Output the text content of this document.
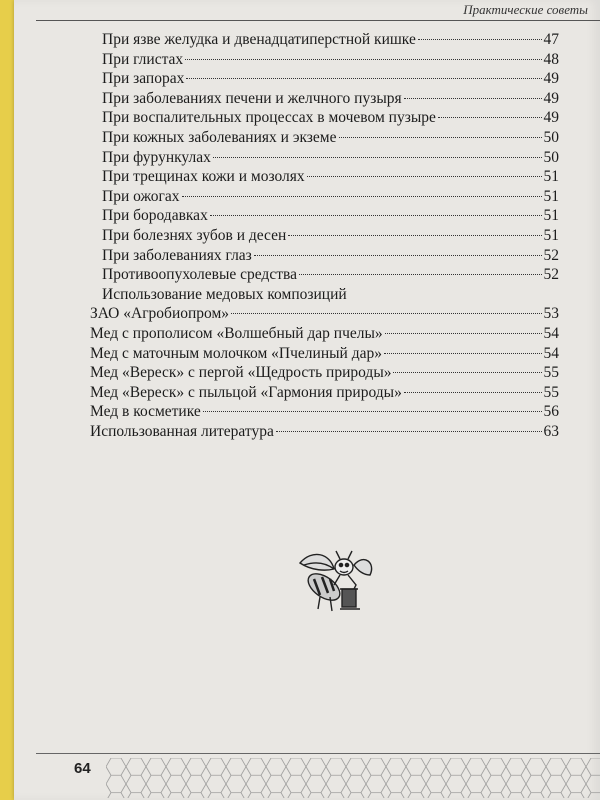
Практические советы
При язве желудка и двенадцатиперстной кишке	47
При глистах	48
При запорах	49
При заболеваниях печени и желчного пузыря	49
При воспалительных процессах в мочевом пузыре	49
При кожных заболеваниях и экземе	50
При фурункулах	50
При трещинах кожи и мозолях	51
При ожогах	51
При бородавках	51
При болезнях зубов и десен	51
При заболеваниях глаз	52
Противоопухолевые средства	52
Использование медовых композиций
ЗАО «Агробиопром»	53
Мед с прополисом «Волшебный дар пчелы»	54
Мед с маточным молочком «Пчелиный дар»	54
Мед «Вереск» с пергой «Щедрость природы»	55
Мед «Вереск» с пыльцой «Гармония природы»	55
Мед в косметике	56
Использованная литература	63
64
